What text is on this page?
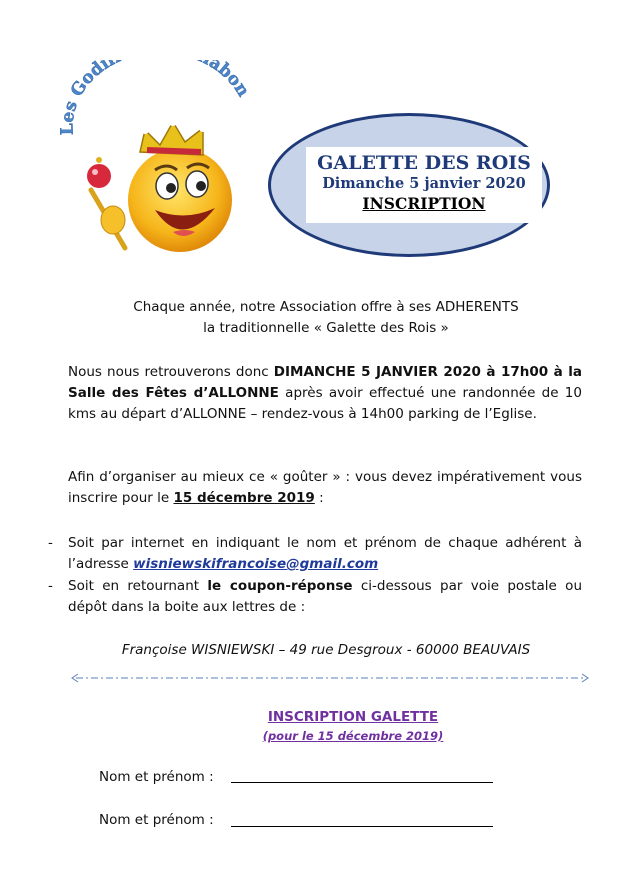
Les Godil abon
GALETTE DES ROIS
Dimanche 5 janvier 2020
INSCRIPTION
Chaque année, notre Association offre à ses ADHERENTS
la traditionnelle « Galette des Rois »
Nous nous retrouverons donc DIMANCHE 5 JANVIER 2020 à 17h00 à la Salle des Fêtes d’ALLONNE après avoir effectué une randonnée de 10 kms au départ d’ALLONNE – rendez-vous à 14h00 parking de l’Eglise.
Afin d’organiser au mieux ce « goûter » : vous devez impérativement vous inscrire pour le 15 décembre 2019 :
-	Soit par internet en indiquant le nom et prénom de chaque adhérent à l’adresse wisniewskifrancoise@gmail.com
-	Soit en retournant le coupon-réponse ci-dessous par voie postale ou dépôt dans la boite aux lettres de :
Françoise WISNIEWSKI – 49 rue Desgroux - 60000 BEAUVAIS
INSCRIPTION GALETTE
(pour le 15 décembre 2019)
Nom et prénom :
Nom et prénom :
